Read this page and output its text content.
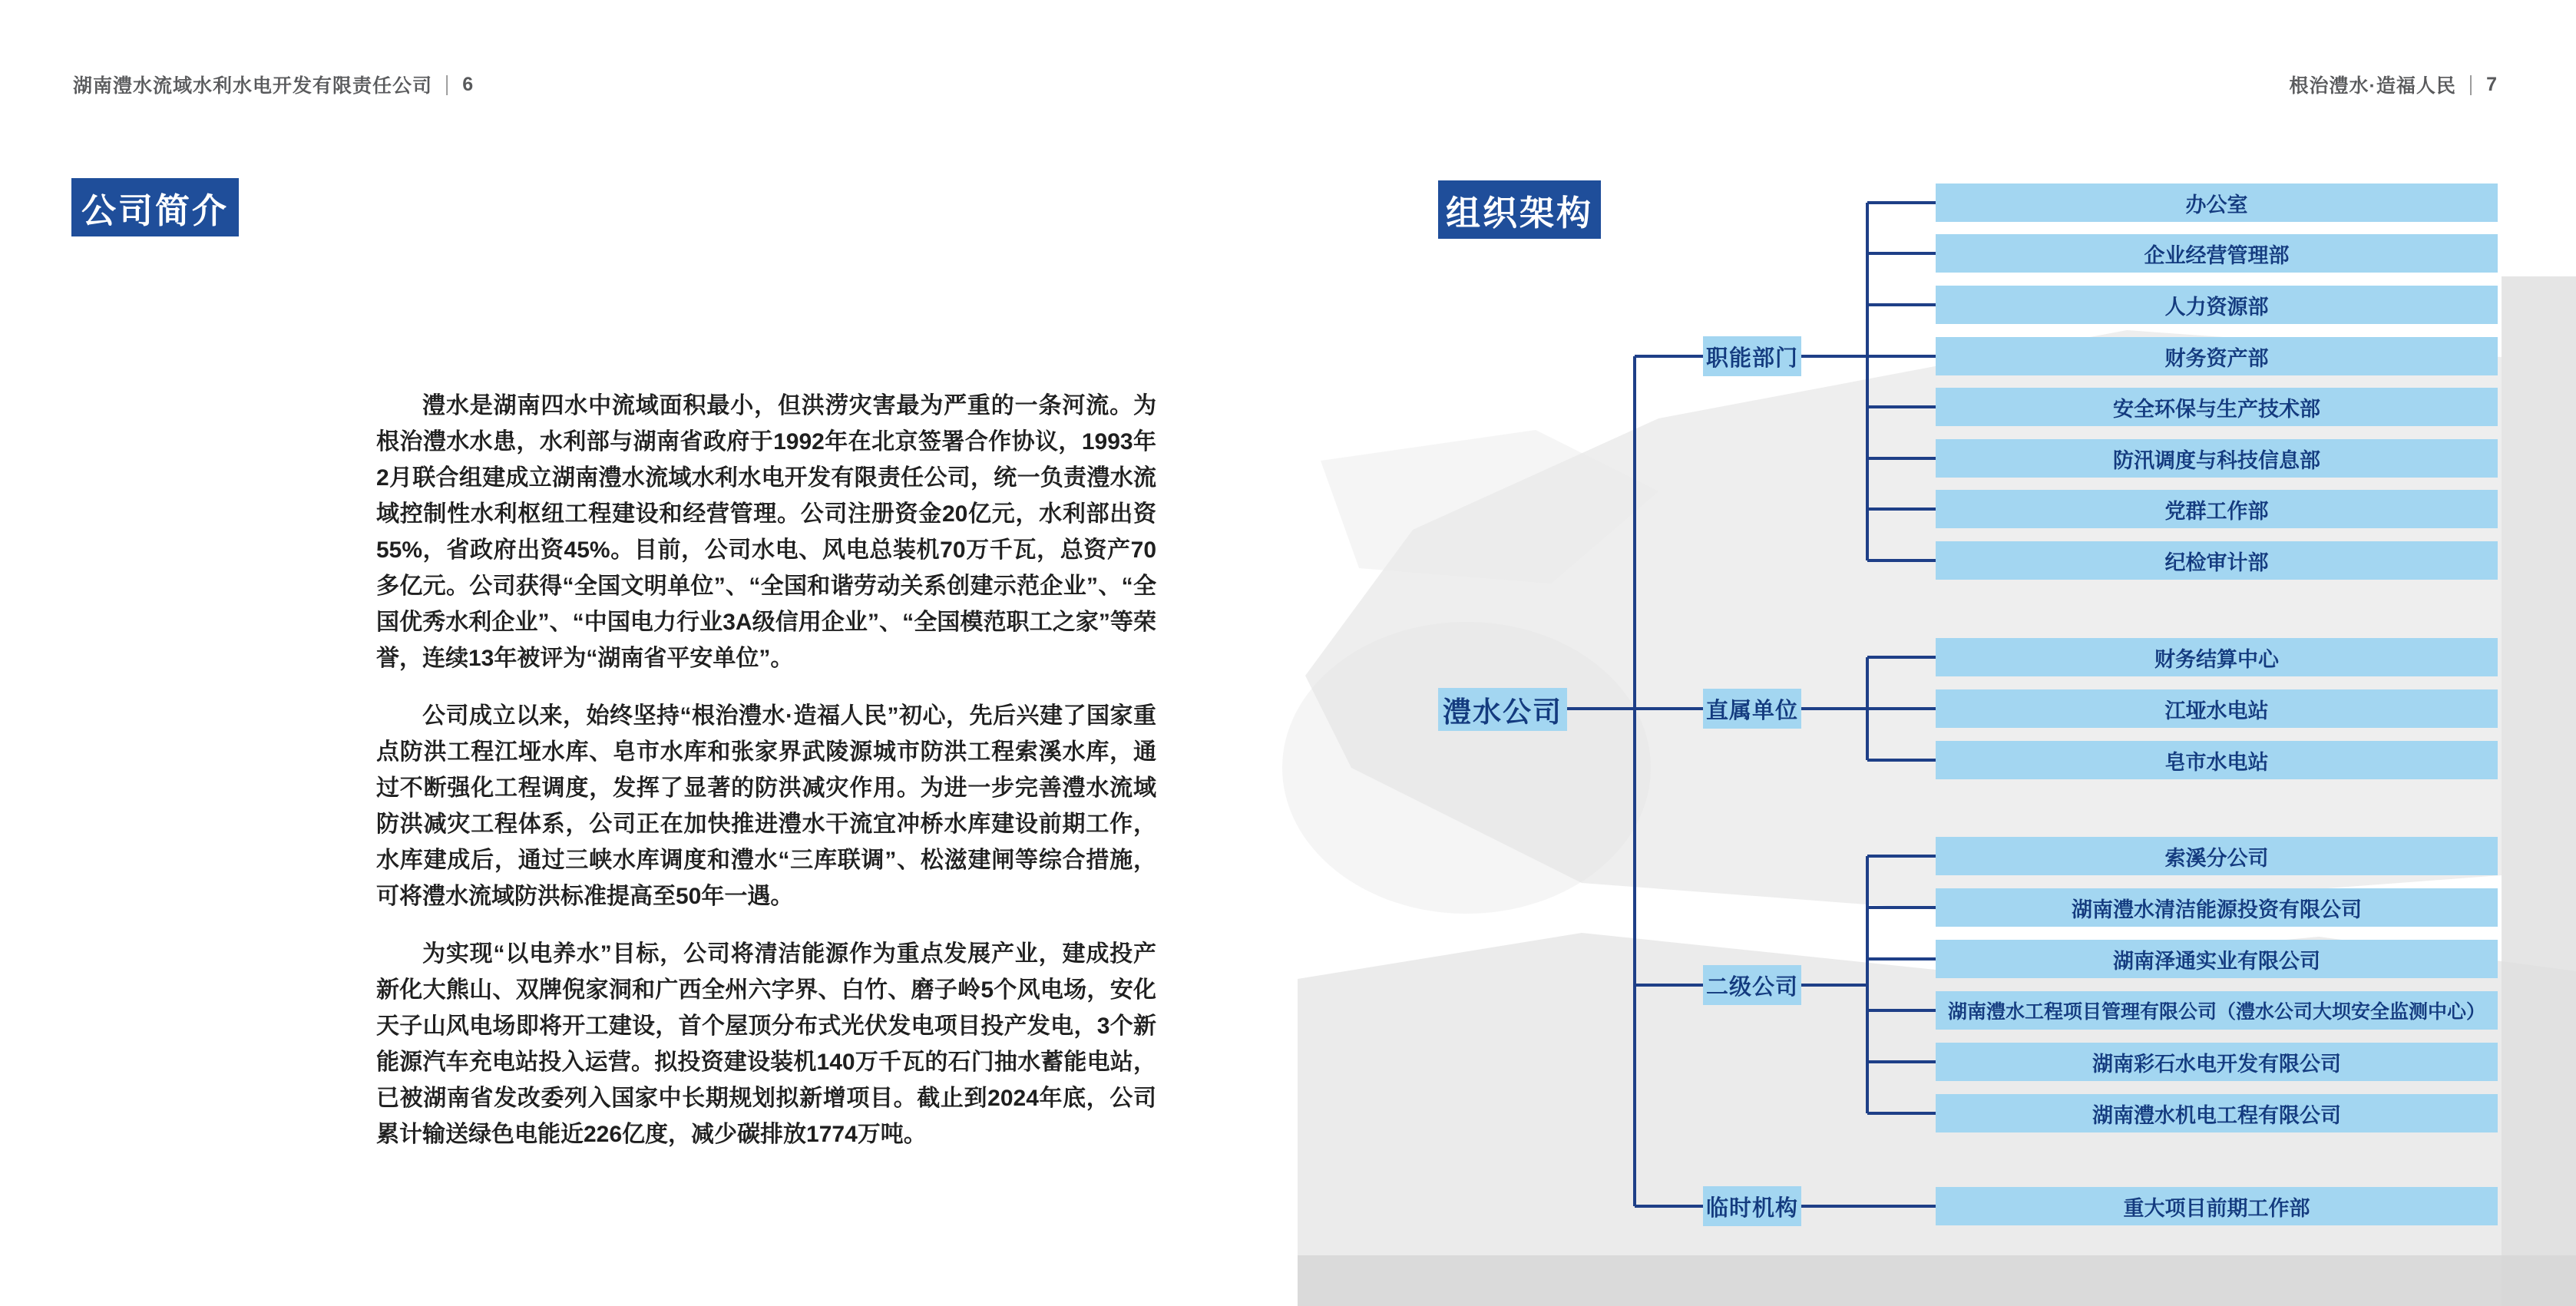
湖南澧水流域水利水电开发有限责任公司 | 6	根治澧水·造福人民 | 7
公司简介

澧水是湖南四水中流域面积最小，但洪涝灾害最为严重的一条河流。为根治澧水水患，水利部与湖南省政府于1992年在北京签署合作协议，1993年2月联合组建成立湖南澧水流域水利水电开发有限责任公司，统一负责澧水流域控制性水利枢纽工程建设和经营管理。公司注册资金20亿元，水利部出资55%，省政府出资45%。目前，公司水电、风电总装机70万千瓦，总资产70多亿元。公司获得“全国文明单位”、“全国和谐劳动关系创建示范企业”、“全国优秀水利企业”、“中国电力行业3A级信用企业”、“全国模范职工之家”等荣誉，连续13年被评为“湖南省平安单位”。

公司成立以来，始终坚持“根治澧水·造福人民”初心，先后兴建了国家重点防洪工程江垭水库、皂市水库和张家界武陵源城市防洪工程索溪水库，通过不断强化工程调度，发挥了显著的防洪减灾作用。为进一步完善澧水流域防洪减灾工程体系，公司正在加快推进澧水干流宜冲桥水库建设前期工作，水库建成后，通过三峡水库调度和澧水“三库联调”、松滋建闸等综合措施，可将澧水流域防洪标准提高至50年一遇。

为实现“以电养水”目标，公司将清洁能源作为重点发展产业，建成投产新化大熊山、双牌倪家洞和广西全州六字界、白竹、磨子岭5个风电场，安化天子山风电场即将开工建设，首个屋顶分布式光伏发电项目投产发电，3个新能源汽车充电站投入运营。拟投资建设装机140万千瓦的石门抽水蓄能电站，已被湖南省发改委列入国家中长期规划拟新增项目。截止到2024年底，公司累计输送绿色电能近226亿度，减少碳排放1774万吨。

组织架构
澧水公司
职能部门
办公室
企业经营管理部
人力资源部
财务资产部
安全环保与生产技术部
防汛调度与科技信息部
党群工作部
纪检审计部
直属单位
财务结算中心
江垭水电站
皂市水电站
二级公司
索溪分公司
湖南澧水清洁能源投资有限公司
湖南泽通实业有限公司
湖南澧水工程项目管理有限公司（澧水公司大坝安全监测中心）
湖南彩石水电开发有限公司
湖南澧水机电工程有限公司
临时机构	重大项目前期工作部
